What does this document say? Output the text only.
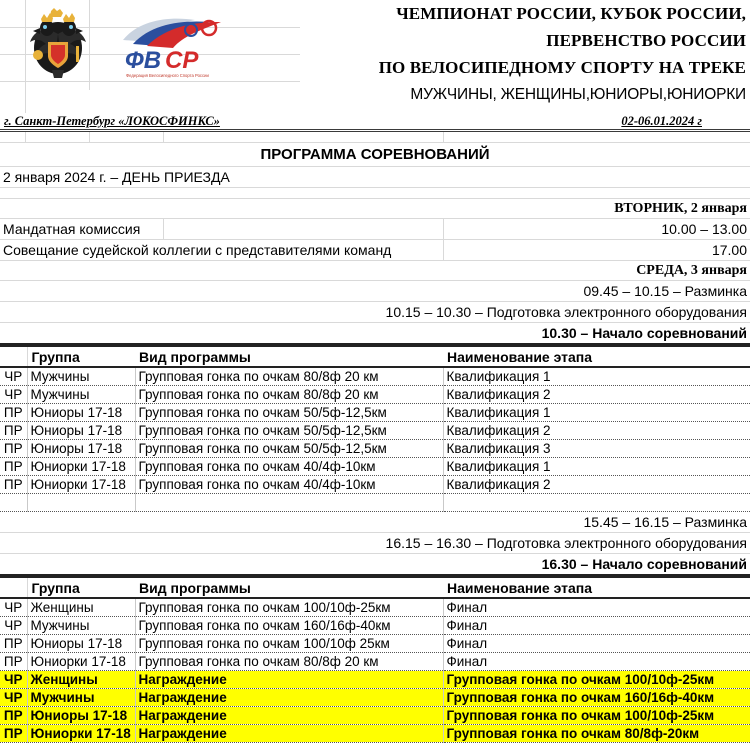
ФВ СР
Федерация Велосипедного Спорта России
ЧЕМПИОНАТ РОССИИ, КУБОК РОССИИ,
ПЕРВЕНСТВО РОССИИ
ПО ВЕЛОСИПЕДНОМУ СПОРТУ НА ТРЕКЕ
МУЖЧИНЫ, ЖЕНЩИНЫ,ЮНИОРЫ,ЮНИОРКИ
г. Санкт-Петербург «ЛОКОСФИНКС»	02-06.01.2024 г
ПРОГРАММА СОРЕВНОВАНИЙ
2 января 2024 г. – ДЕНЬ ПРИЕЗДА
ВТОРНИК, 2 января
Мандатная комиссия	10.00 – 13.00
Совещание судейской коллегии с представителями команд	17.00
СРЕДА, 3 января
09.45 – 10.15 – Разминка
10.15 – 10.30 – Подготовка электронного оборудования
10.30 – Начало соревнований
	Группа	Вид программы	Наименование этапа
ЧР	Мужчины	Групповая гонка по очкам 80/8ф 20 км	Квалификация 1
ЧР	Мужчины	Групповая гонка по очкам 80/8ф 20 км	Квалификация 2
ПР	Юниоры 17-18	Групповая гонка по очкам 50/5ф-12,5км	Квалификация 1
ПР	Юниоры 17-18	Групповая гонка по очкам 50/5ф-12,5км	Квалификация 2
ПР	Юниоры 17-18	Групповая гонка по очкам 50/5ф-12,5км	Квалификация 3
ПР	Юниорки 17-18	Групповая гонка по очкам 40/4ф-10км	Квалификация 1
ПР	Юниорки 17-18	Групповая гонка по очкам 40/4ф-10км	Квалификация 2

15.45 – 16.15 – Разминка
16.15 – 16.30 – Подготовка электронного оборудования
16.30 – Начало соревнований
	Группа	Вид программы	Наименование этапа
ЧР	Женщины	Групповая гонка по очкам 100/10ф-25км	Финал
ЧР	Мужчины	Групповая гонка по очкам 160/16ф-40км	Финал
ПР	Юниоры 17-18	Групповая гонка по очкам 100/10ф 25км	Финал
ПР	Юниорки 17-18	Групповая гонка по очкам 80/8ф 20 км	Финал
ЧР	Женщины	Награждение	Групповая гонка по очкам 100/10ф-25км
ЧР	Мужчины	Награждение	Групповая гонка по очкам 160/16ф-40км
ПР	Юниоры 17-18	Награждение	Групповая гонка по очкам 100/10ф-25км
ПР	Юниорки 17-18	Награждение	Групповая гонка по очкам 80/8ф-20км
